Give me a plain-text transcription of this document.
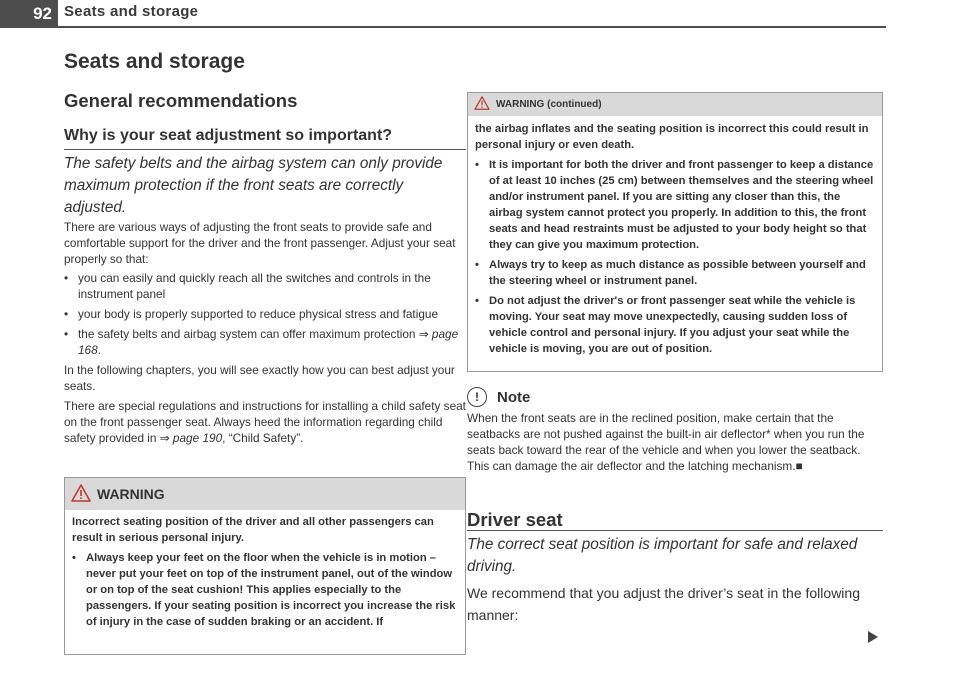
92 Seats and storage
Seats and storage
General recommendations
Why is your seat adjustment so important?
The safety belts and the airbag system can only provide maximum protection if the front seats are correctly adjusted.

There are various ways of adjusting the front seats to provide safe and comfortable support for the driver and the front passenger. Adjust your seat properly so that:

• you can easily and quickly reach all the switches and controls in the instrument panel
• your body is properly supported to reduce physical stress and fatigue
• the safety belts and airbag system can offer maximum protection ⇒ page 168.

In the following chapters, you will see exactly how you can best adjust your seats.

There are special regulations and instructions for installing a child safety seat on the front passenger seat. Always heed the information regarding child safety provided in ⇒ page 190, “Child Safety”.

WARNING

Incorrect seating position of the driver and all other passengers can result in serious personal injury.

• Always keep your feet on the floor when the vehicle is in motion – never put your feet on top of the instrument panel, out of the window or on top of the seat cushion! This applies especially to the passengers. If your seating position is incorrect you increase the risk of injury in the case of sudden braking or an accident. If
WARNING (continued)

the airbag inflates and the seating position is incorrect this could result in personal injury or even death.

• It is important for both the driver and front passenger to keep a distance of at least 10 inches (25 cm) between themselves and the steering wheel and/or instrument panel. If you are sitting any closer than this, the airbag system cannot protect you properly. In addition to this, the front seats and head restraints must be adjusted to your body height so that they can give you maximum protection.
• Always try to keep as much distance as possible between yourself and the steering wheel or instrument panel.
• Do not adjust the driver's or front passenger seat while the vehicle is moving. Your seat may move unexpectedly, causing sudden loss of vehicle control and personal injury. If you adjust your seat while the vehicle is moving, you are out of position.
!	Note
When the front seats are in the reclined position, make certain that the seatbacks are not pushed against the built-in air deflector* when you run the seats back toward the rear of the vehicle and when you lower the seatback. This can damage the air deflector and the latching mechanism.■
Driver seat
The correct seat position is important for safe and relaxed driving.
We recommend that you adjust the driver’s seat in the following manner:
